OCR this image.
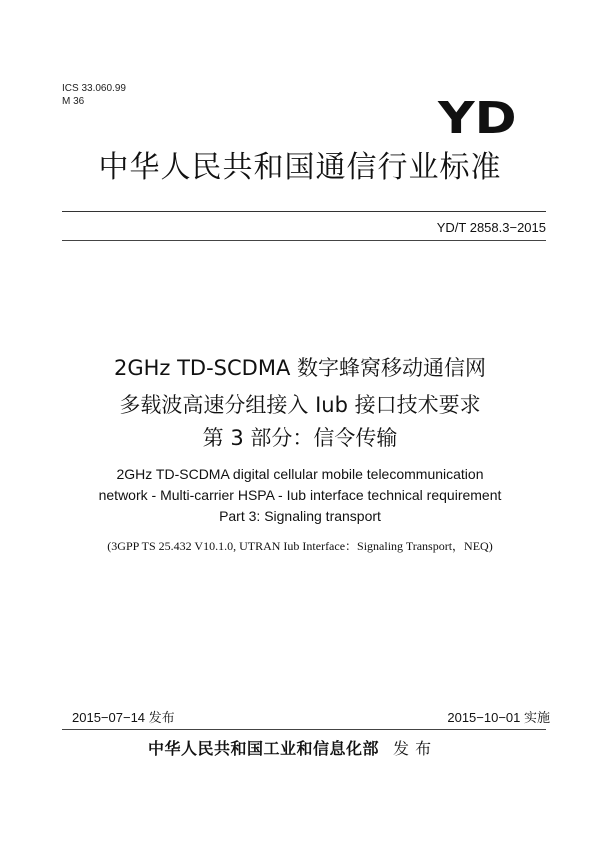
ICS 33.060.99
M 36	YD
中华人民共和国通信行业标准
YD/T 2858.3−2015
2GHz TD-SCDMA 数字蜂窝移动通信网
多载波高速分组接入 Iub 接口技术要求
第 3 部分：信令传输
2GHz TD-SCDMA digital cellular mobile telecommunication
network - Multi-carrier HSPA - Iub interface technical requirement
Part 3: Signaling transport
(3GPP TS 25.432 V10.1.0, UTRAN Iub Interface：Signaling Transport，NEQ)
2015−07−14 发布	2015−10−01 实施
中华人民共和国工业和信息化部 发 布
